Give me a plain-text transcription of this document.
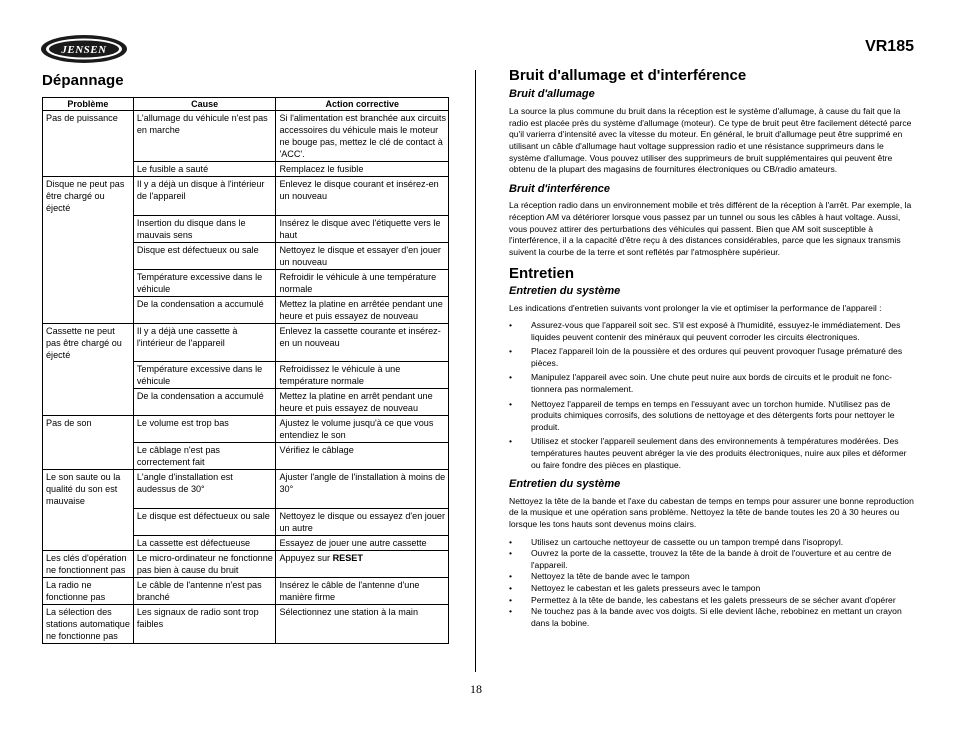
JENSEN	VR185
Dépannage
Problème	Cause	Action corrective
Pas de puissance	L'allumage du véhicule n'est pas en marche	Si l'alimentation est branchée aux circuits accessoires du véhicule mais le moteur ne bouge pas, mettez le clé de contact à 'ACC'.
	Le fusible a sauté	Remplacez le fusible
Disque ne peut pas être chargé ou éjecté	Il y a déjà un disque à l'intérieur de l'appareil	Enlevez le disque courant et insérez-en un nouveau
	Insertion du disque dans le mauvais sens	Insérez le disque avec l'étiquette vers le haut
	Disque est défectueux ou sale	Nettoyez le disque et essayer d'en jouer un nouveau
	Température excessive dans le véhicule	Refroidir le véhicule à une température normale
	De la condensation a accumulé	Mettez la platine en arrêtée pendant une heure et puis essayez de nouveau
Cassette ne peut pas être chargé ou éjecté	Il y a déjà une cassette à l'intérieur de l'appareil	Enlevez la cassette courante et insérez-en un nouveau
	Température excessive dans le véhicule	Refroidissez le véhicule à une température normale
	De la condensation a accumulé	Mettez la platine en arrêt pendant une heure et puis essayez de nouveau
Pas de son	Le volume est trop bas	Ajustez le volume jusqu'à ce que vous entendiez le son
	Le câblage n'est pas correctement fait	Vérifiez le câblage
Le son saute ou la qualité du son est mauvaise	L'angle d'installation est audessus de 30°	Ajuster l'angle de l'installation à moins de 30°
	Le disque est défectueux ou sale	Nettoyez le disque ou essayez d'en jouer un autre
	La cassette est défectueuse	Essayez de jouer une autre cassette
Les clés d'opération ne fonctionnent pas	Le micro-ordinateur ne fonctionne pas bien à cause du bruit	Appuyez sur RESET
La radio ne fonctionne pas	Le câble de l'antenne n'est pas branché	Insérez le câble de l'antenne d'une manière firme
La sélection des stations automatique ne fonctionne pas	Les signaux de radio sont trop faibles	Sélectionnez une station à la main
Bruit d'allumage et d'interférence
Bruit d'allumage

La source la plus commune du bruit dans la réception est le système d'allumage, à cause du fait que la radio est placée près du système d'allumage (moteur). Ce type de bruit peut être facilement détecté parce qu'il varierra d'intensité avec la vitesse du moteur. En général, le bruit d'allumage peut être supprimé en utilisant un câble d'allumage haut voltage suppression radio et une résistance supprimeurs dans le système d'allumage. Vous pouvez utiliser des supprimeurs de bruit supplémentaires qui peuvent être obtenu de la plupart des magasins de fournitures électroniques ou CB/radio amateurs.

Bruit d'interférence

La réception radio dans un environnement mobile et très différent de la réception à l'arrêt. Par exemple, la réception AM va détériorer lorsque vous passez par un tunnel ou sous les câbles à haut voltage. Aussi, vous pouvez attirer des perturbations des véhicules qui passent. Bien que AM soit susceptible à l'interférence, il a la capacité d'être reçu à des distances considérables, parce que les signaux transmis suivent la courbe de la terre et sont reflétés par l'atmosphère supérieur.

Entretien
Entretien du système

Les indications d'entretien suivants vont prolonger la vie et optimiser la performance de l'appareil :

• Assurez-vous que l'appareil soit sec. S'il est exposé à l'humidité, essuyez-le immédiatement. Des liquides peuvent contenir des minéraux qui peuvent corroder les circuits électroniques.
• Placez l'appareil loin de la poussière et des ordures qui peuvent provoquer l'usage prématuré des pièces.
• Manipulez l'appareil avec soin. Une chute peut nuire aux bords de circuits et le produit ne fonc-tionnera pas normalement.
• Nettoyez l'appareil de temps en temps en l'essuyant avec un torchon humide. N'utilisez pas de produits chimiques corrosifs, des solutions de nettoyage et des détergents forts pour nettoyer le produit.
• Utilisez et stocker l'appareil seulement dans des environnements à températures modérées. Des températures hautes peuvent abréger la vie des produits électroniques, nuire aux piles et déformer ou faire fondre des pièces en plastique.
Entretien du système

Nettoyez la tête de la bande et l'axe du cabestan de temps en temps pour assurer une bonne reproduction de la musique et une opération sans problème. Nettoyez la tête de bande toutes les 20 à 30 heures ou lorsque les tons hauts sont devenus moins clairs.

• Utilisez un cartouche nettoyeur de cassette ou un tampon trempé dans l'isopropyl.
• Ouvrez la porte de la cassette, trouvez la tête de la bande à droit de l'ouverture et au centre de l'appareil.
• Nettoyez la tête de bande avec le tampon
• Nettoyez le cabestan et les galets presseurs avec le tampon
• Permettez à la tête de bande, les cabestans et les galets presseurs de se sécher avant d'opérer
• Ne touchez pas à la bande avec vos doigts. Si elle devient lâche, rebobinez en mettant un crayon dans la bobine.
18
